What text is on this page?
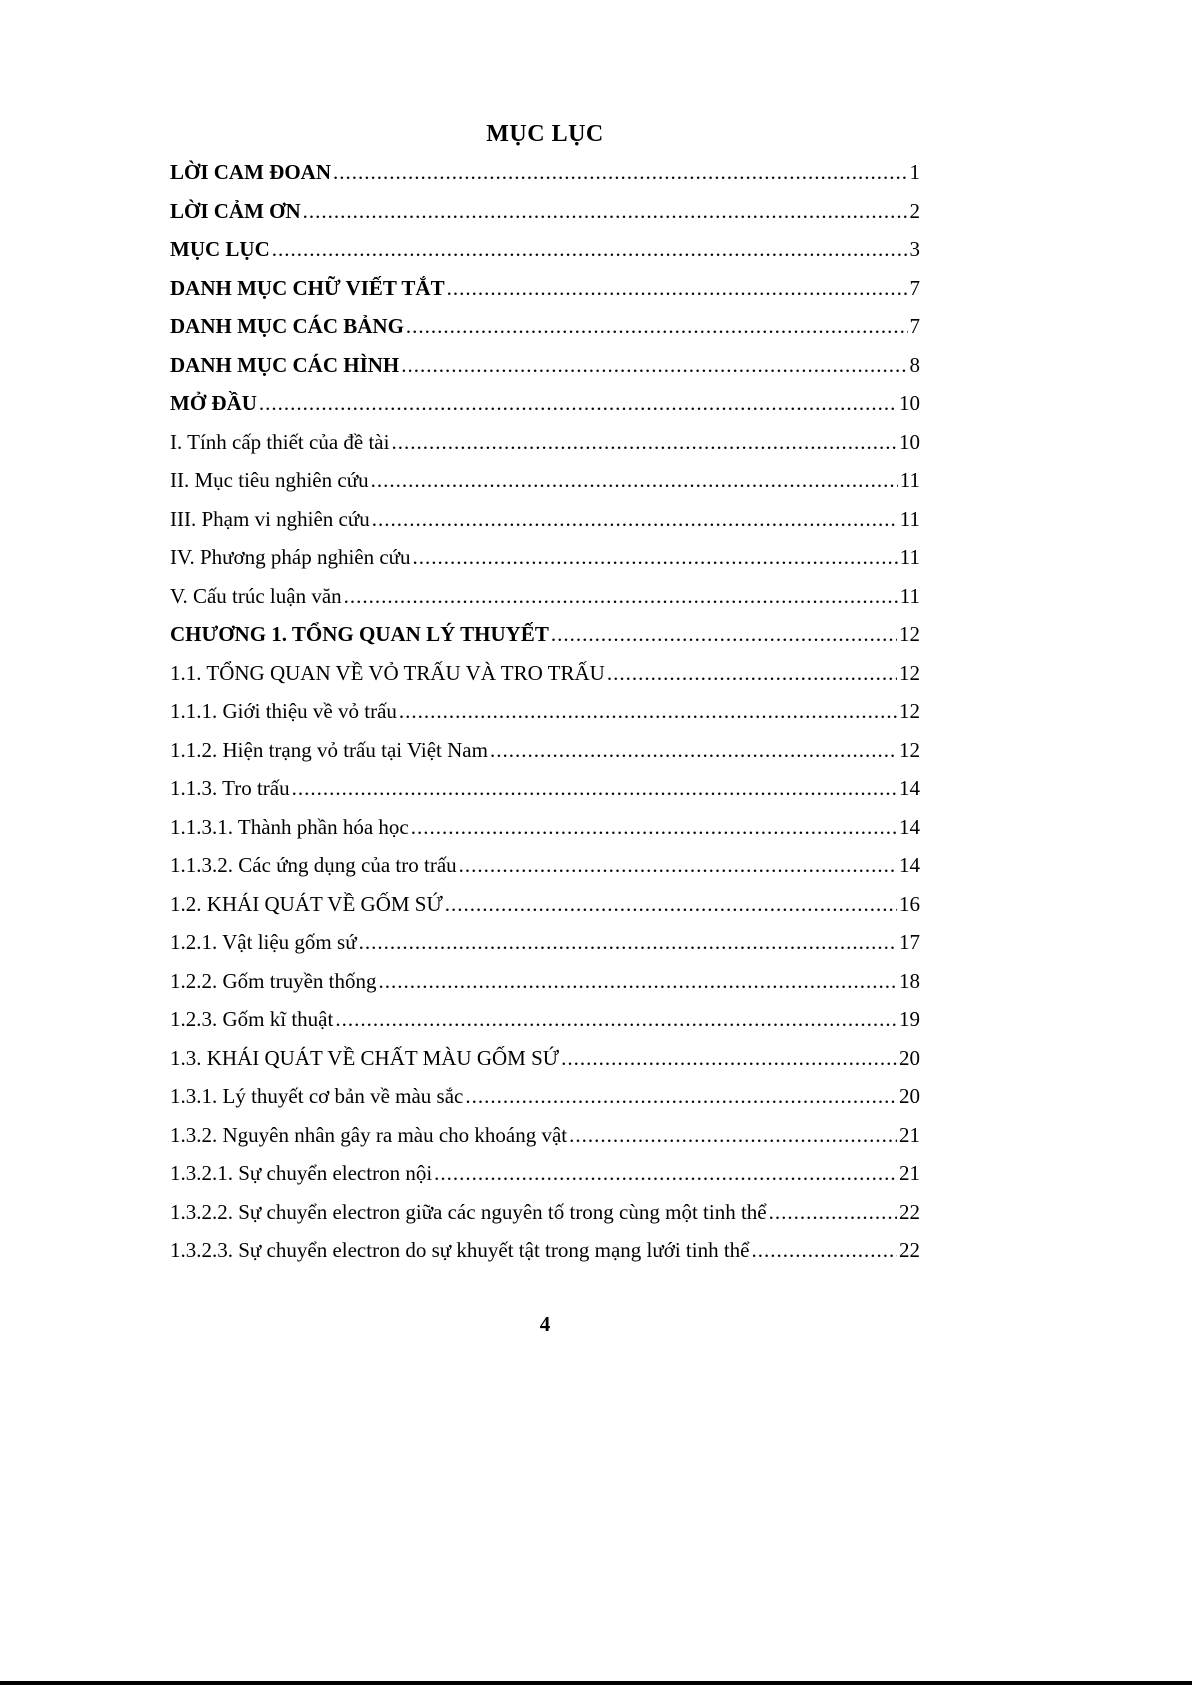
MỤC LỤC
LỜI CAM ĐOAN .....	1
LỜI CẢM ƠN .....	2
MỤC LỤC .....	3
DANH MỤC CHỮ VIẾT TẮT .....	7
DANH MỤC CÁC BẢNG .....	7
DANH MỤC CÁC HÌNH .....	8
MỞ ĐẦU .....	10
I. Tính cấp thiết của đề tài .....	10
II. Mục tiêu nghiên cứu .....	11
III. Phạm vi nghiên cứu .....	11
IV. Phương pháp nghiên cứu .....	11
V. Cấu trúc luận văn .....	11
CHƯƠNG 1. TỔNG QUAN LÝ THUYẾT .....	12
1.1. TỔNG QUAN VỀ VỎ TRẤU VÀ TRO TRẤU .....	12
1.1.1. Giới thiệu về vỏ trấu .....	12
1.1.2. Hiện trạng vỏ trấu tại Việt Nam .....	12
1.1.3. Tro trấu .....	14
1.1.3.1. Thành phần hóa học .....	14
1.1.3.2. Các ứng dụng của tro trấu .....	14
1.2. KHÁI QUÁT VỀ GỐM SỨ .....	16
1.2.1. Vật liệu gốm sứ .....	17
1.2.2. Gốm truyền thống .....	18
1.2.3. Gốm kĩ thuật .....	19
1.3. KHÁI QUÁT VỀ CHẤT MÀU GỐM SỨ .....	20
1.3.1. Lý thuyết cơ bản về màu sắc .....	20
1.3.2. Nguyên nhân gây ra màu cho khoáng vật .....	21
1.3.2.1. Sự chuyển electron nội .....	21
1.3.2.2. Sự chuyển electron giữa các nguyên tố trong cùng một tinh thể .....	22
1.3.2.3. Sự chuyển electron do sự khuyết tật trong mạng lưới tinh thể .....	22
4
